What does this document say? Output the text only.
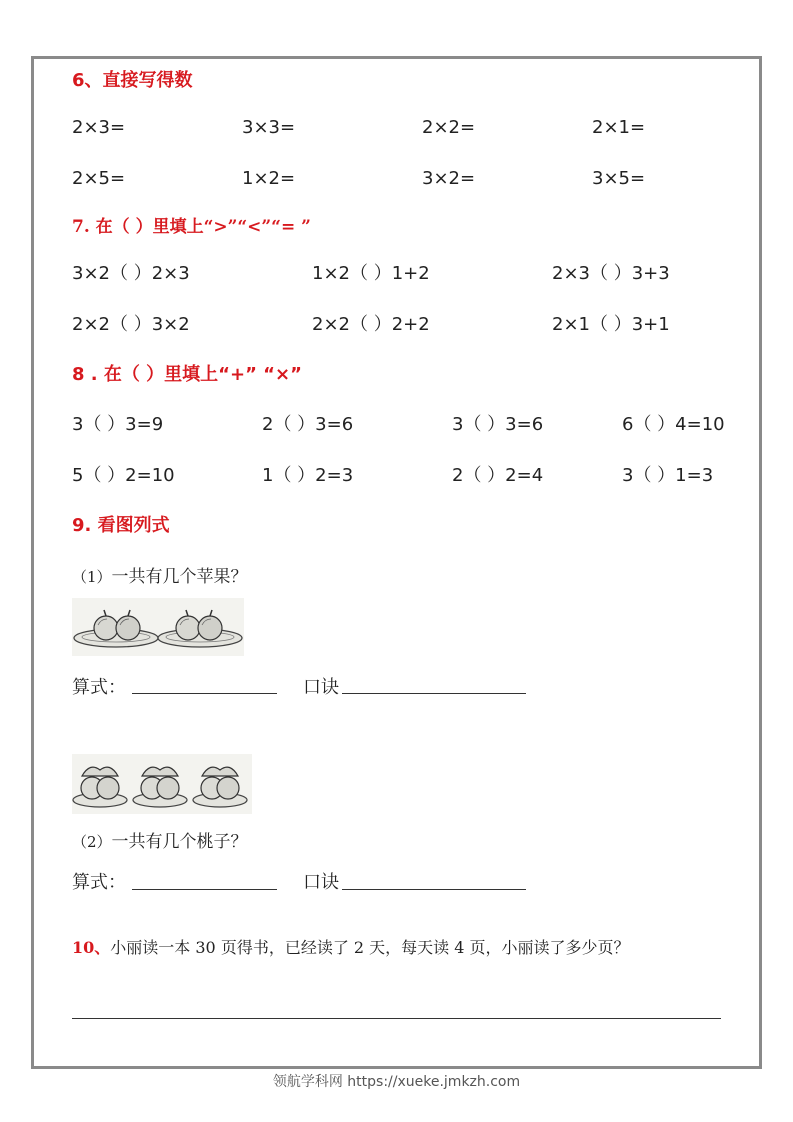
6、直接写得数
2×3=	3×3=	2×2=	2×1=
2×5=	1×2=	3×2=	3×5=
7. 在（ ）里填上“>”“<”“= ”
3×2（ ）2×3	1×2（ ）1+2	2×3（ ）3+3
2×2（ ）3×2	2×2（ ）2+2	2×1（ ）3+1
8 . 在（ ）里填上“+” “×”
3（ ）3=9	2（ ）3=6	3（ ）3=6	6（ ）4=10
5（ ）2=10	1（ ）2=3	2（ ）2=4	3（ ）1=3
9. 看图列式
（1）一共有几个苹果？
算式：	口诀
（2）一共有几个桃子？
算式：	口诀
10、小丽读一本 30 页得书，已经读了 2 天，每天读 4 页，小丽读了多少页？
领航学科网 https://xueke.jmkzh.com
